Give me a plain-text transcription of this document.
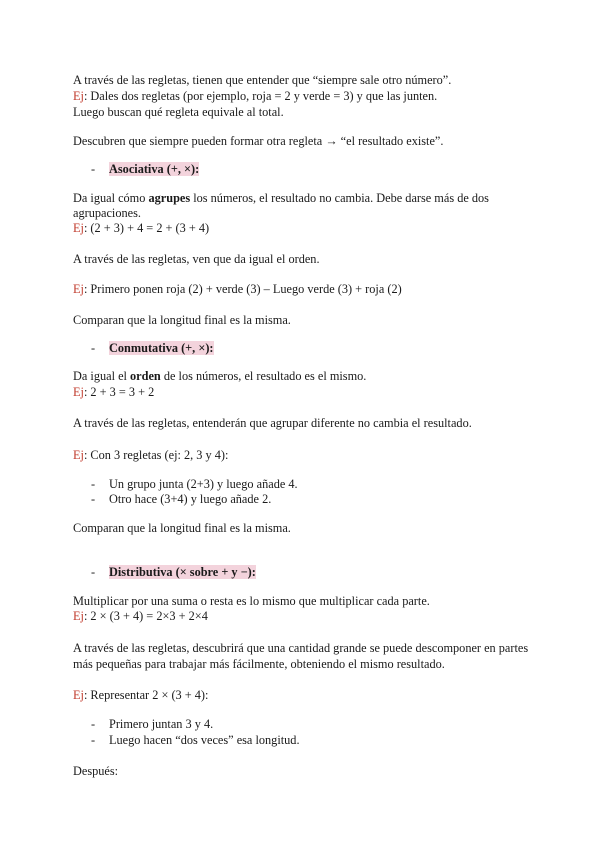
A través de las regletas, tienen que entender que “siempre sale otro número”.
Ej: Dales dos regletas (por ejemplo, roja = 2 y verde = 3) y que las junten.
Luego buscan qué regleta equivale al total.
Descubren que siempre pueden formar otra regleta → “el resultado existe”.
- Asociativa (+, ×):
Da igual cómo agrupes los números, el resultado no cambia. Debe darse más de dos
agrupaciones.
Ej: (2 + 3) + 4 = 2 + (3 + 4)
A través de las regletas, ven que da igual el orden.
Ej: Primero ponen roja (2) + verde (3) – Luego verde (3) + roja (2)
Comparan que la longitud final es la misma.
- Conmutativa (+, ×):
Da igual el orden de los números, el resultado es el mismo.
Ej: 2 + 3 = 3 + 2
A través de las regletas, entenderán que agrupar diferente no cambia el resultado.
Ej: Con 3 regletas (ej: 2, 3 y 4):
- Un grupo junta (2+3) y luego añade 4.
- Otro hace (3+4) y luego añade 2.
Comparan que la longitud final es la misma.
- Distributiva (× sobre + y −):
Multiplicar por una suma o resta es lo mismo que multiplicar cada parte.
Ej: 2 × (3 + 4) = 2×3 + 2×4
A través de las regletas, descubrirá que una cantidad grande se puede descomponer en partes
más pequeñas para trabajar más fácilmente, obteniendo el mismo resultado.
Ej: Representar 2 × (3 + 4):
- Primero juntan 3 y 4.
- Luego hacen “dos veces” esa longitud.
Después:
